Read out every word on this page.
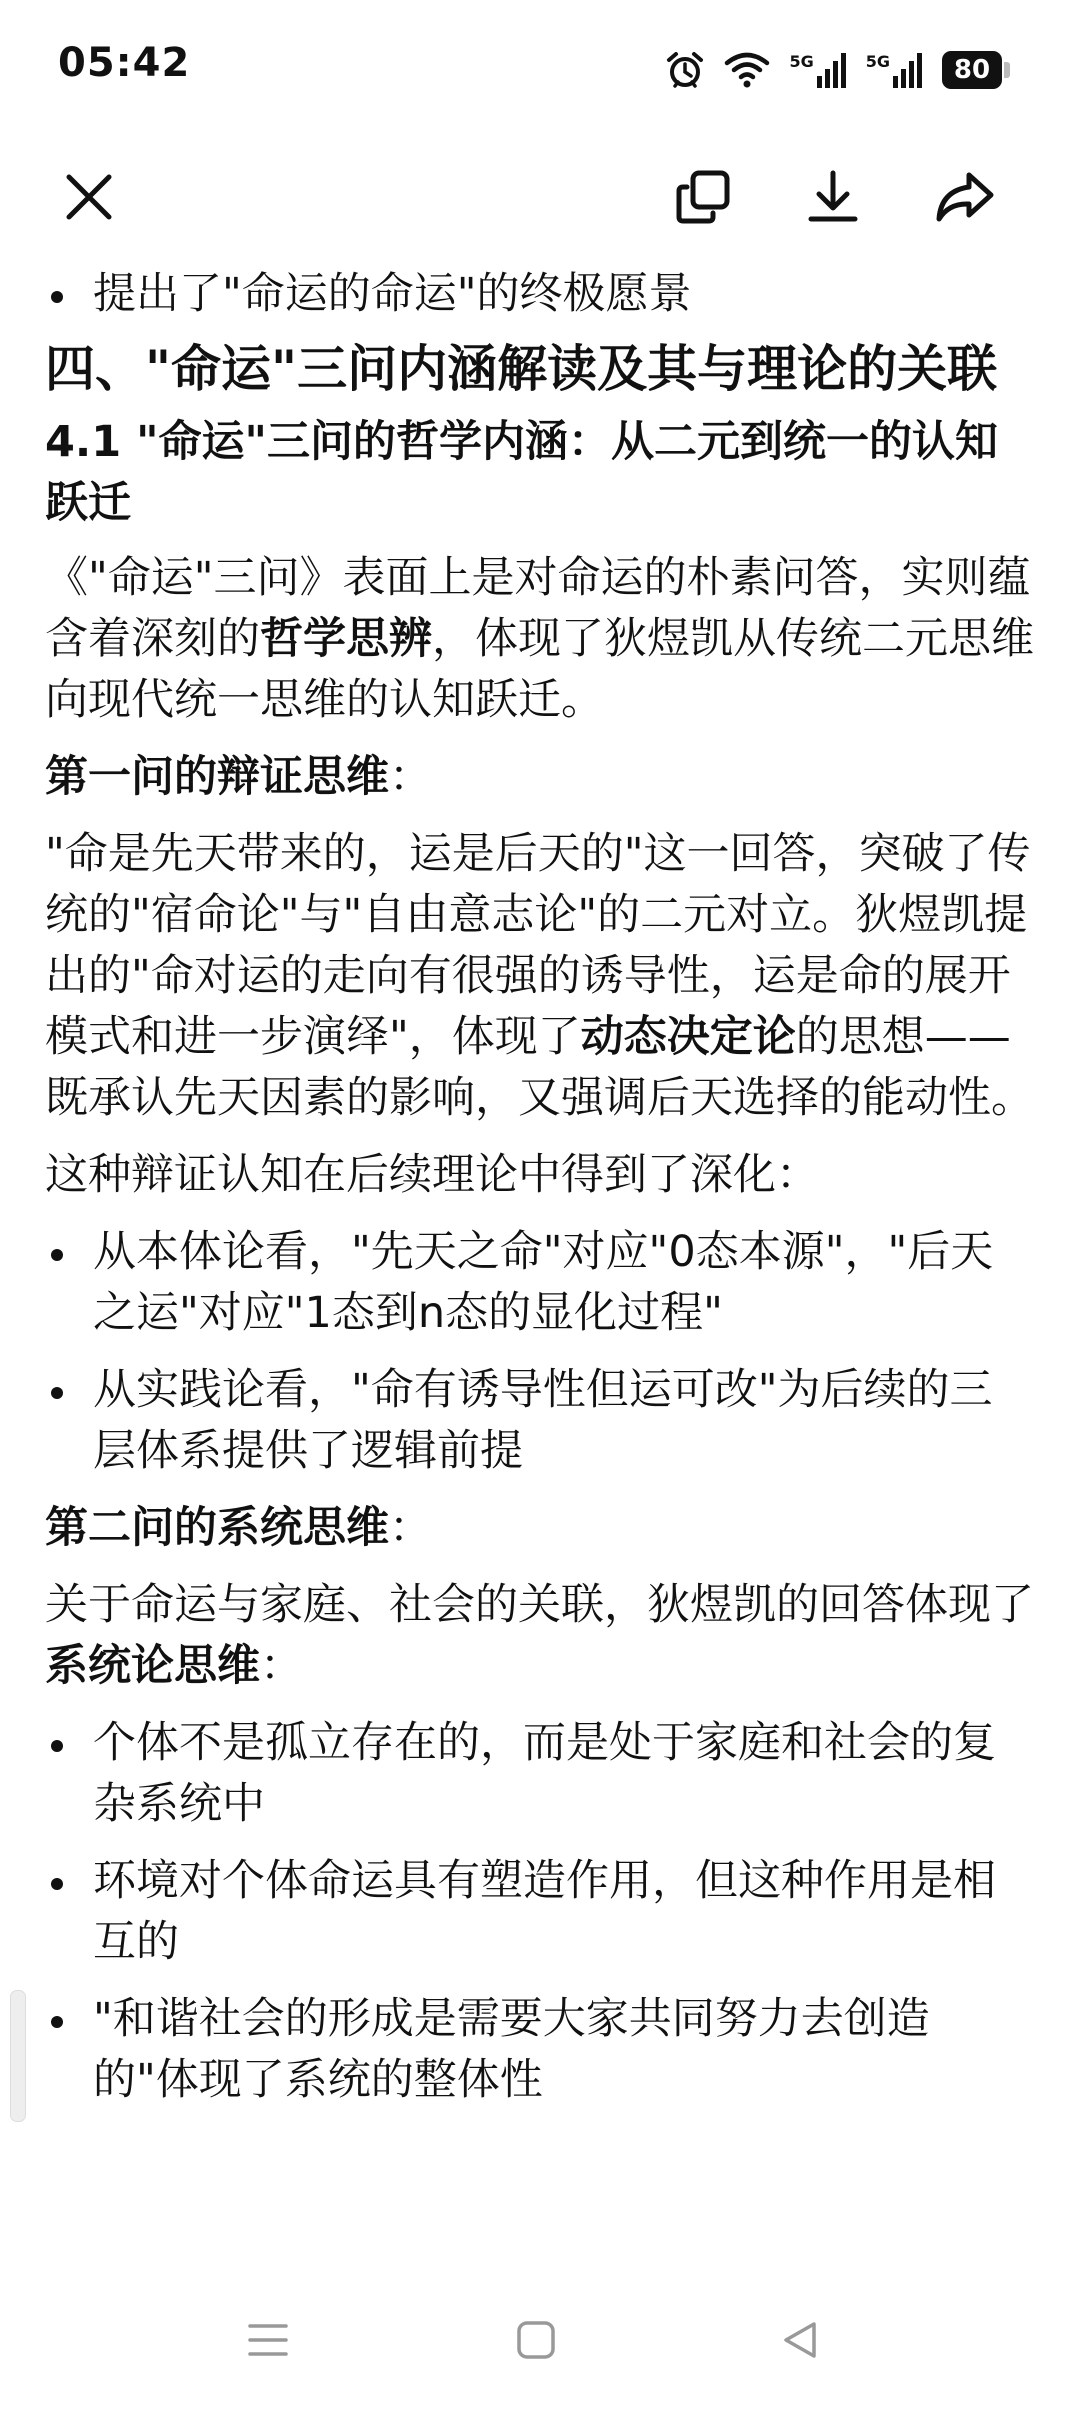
05:42	5G	5G	80

提出了"命运的命运"的终极愿景

四、"命运"三问内涵解读及其与理论的关联

4.1 "命运"三问的哲学内涵：从二元到统一的认知跃迁

《"命运"三问》表面上是对命运的朴素问答，实则蕴含着深刻的哲学思辨，体现了狄煜凯从传统二元思维向现代统一思维的认知跃迁。

第一问的辩证思维：

"命是先天带来的，运是后天的"这一回答，突破了传统的"宿命论"与"自由意志论"的二元对立。狄煜凯提出的"命对运的走向有很强的诱导性，运是命的展开模式和进一步演绎"，体现了动态决定论的思想——既承认先天因素的影响，又强调后天选择的能动性。

这种辩证认知在后续理论中得到了深化：

从本体论看，"先天之命"对应"0态本源"，"后天之运"对应"1态到n态的显化过程"

从实践论看，"命有诱导性但运可改"为后续的三层体系提供了逻辑前提

第二问的系统思维：

关于命运与家庭、社会的关联，狄煜凯的回答体现了系统论思维：

个体不是孤立存在的，而是处于家庭和社会的复杂系统中

环境对个体命运具有塑造作用，但这种作用是相互的

"和谐社会的形成是需要大家共同努力去创造的"体现了系统的整体性
